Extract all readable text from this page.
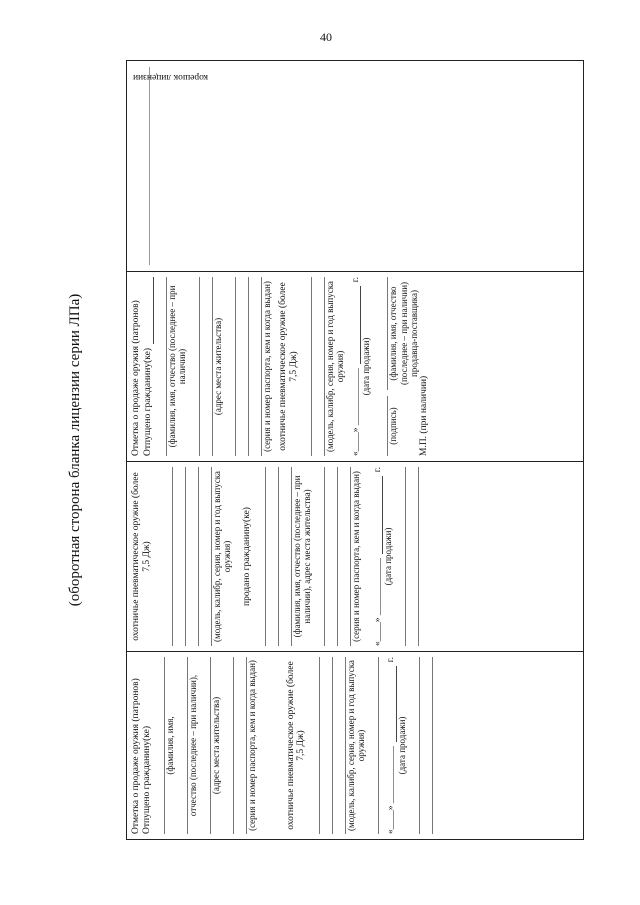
40
(оборотная сторона бланка лицензии серии ЛПа)

Отметка о продаже оружия (патронов) Отпущено гражданину(ке) (фамилия, имя, отчество (последнее – при наличии), (адрес места жительства)	(серия и номер паспорта, кем и когда выдан)	охотничье пневматическое оружие (более 7,5 Дж)	(модель, калибр, серия, номер и год выпуска оружия)

«____» ____________
г.

(дата продажи)

охотничье пневматическое оружие (более 7,5 Дж)	(модель, калибр, серия, номер и год выпуска оружия) продано гражданину(ке)	(фамилия, имя, отчество (последнее – при наличии), адрес места жительства)	(серия и номер паспорта, кем и когда выдан) «____» ____________
г.

(дата продажи)

Отметка о продаже оружия (патронов) Отпущено гражданину(ке) (фамилия, имя, отчество (последнее – при наличии)	(адрес места жительства)	(серия и номер паспорта, кем и когда выдан) охотничье пневматическое оружие (более 7,5 Дж)	(модель, калибр, серия, номер и год выпуска оружия)

«____» ____________
г.

(дата продажи)

(подпись)

(фамилия, имя, отчество (последнее – при наличии) продавца-поставщика)

М.П. (при наличии)

корешок лицензии
